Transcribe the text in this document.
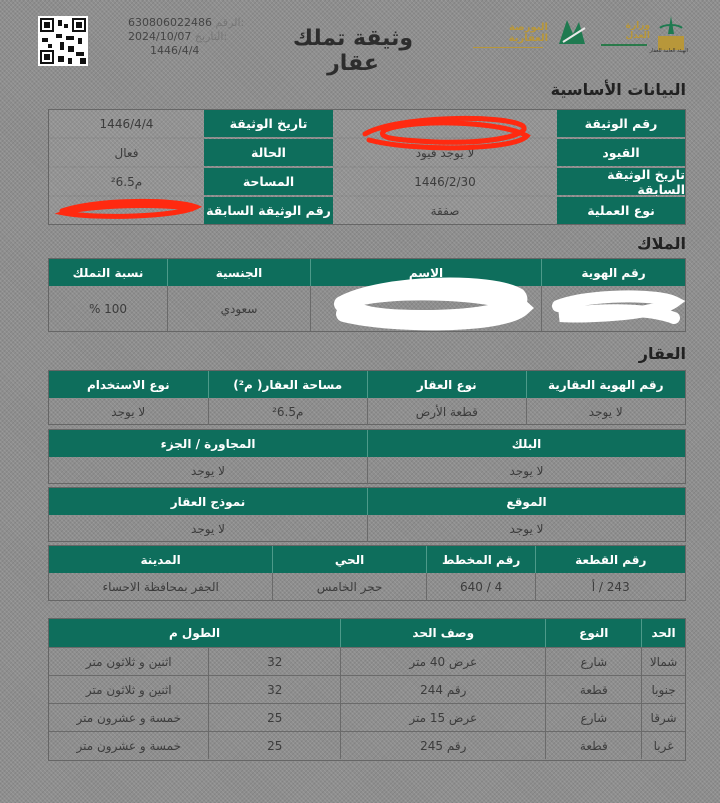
630806022486 الرقم:
2024/10/07 التاريخ:
1446/4/4	وثيقة تملك عقار
البورصة العقارية
وزارة العدل
الهيئة العامة للعقار
البيانات الأساسية
رقم الوثيقة
تاريخ الوثيقة
1446/4/4
القيود
لا يوجد قيود
الحالة
فعال
تاريخ الوثيقة السابقة
1446/2/30
المساحة
م²6.5
نوع العملية
صفقة
رقم الوثيقة السابقة
الملاك
رقم الهوية
الاسم
الجنسية
نسبة التملك
سعودي
100 %
العقار
رقم الهوية العقارية
نوع العقار
مساحة العقار( م²)
نوع الاستخدام
لا يوجد
قطعة الأرض
م²6.5
لا يوجد
البلك
المجاورة / الجزء
لا يوجد
لا يوجد
الموقع
نموذج العقار
لا يوجد
لا يوجد
رقم القطعة
رقم المخطط
الحي
المدينة
243 / أ
4 / 640
حجر الخامس
الجفر بمحافظة الاحساء
الحد
النوع
وصف الحد
الطول م
شمالا
شارع
عرض 40 متر
32
اثنين و ثلاثون متر
جنوبا
قطعة
رقم 244
32
اثنين و ثلاثون متر
شرقا
شارع
عرض 15 متر
25
خمسة و عشرون متر
غربا
قطعة
رقم 245
25
خمسة و عشرون متر
